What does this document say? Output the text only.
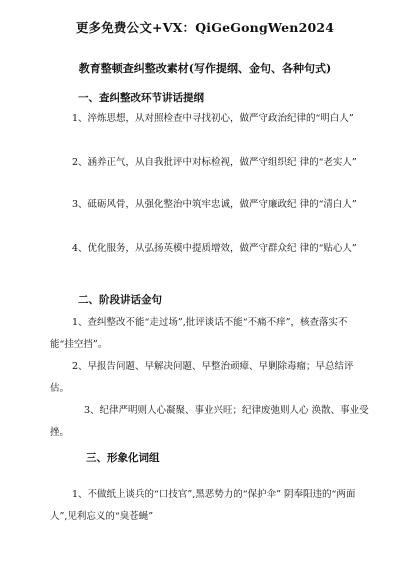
更多免费公文+VX：QiGeGongWen2024
教育整顿查纠整改素材(写作提纲、金句、各种句式)
一、查纠整改环节讲话提纲
1、淬炼思想，从对照检查中寻找初心，做严守政治纪律的“明白人”
2、涵养正气，从自我批评中对标检视，做严守组织纪 律的“老实人”
3、砥砺风骨，从强化整治中筑牢忠诚，做严守廉政纪 律的“清白人”
4、优化服务，从弘扬英模中提质增效，做严守群众纪 律的“贴心人”
二、阶段讲话金句
1、查纠整改不能“走过场”,批评谈话不能“不痛不痒”，核查落实不能“挂空挡”。
2、早报告问题、早解决问题、早整治顽瘴、早剿除毒瘤；早总结评估。
3、纪律严明则人心凝聚、事业兴旺；纪律废弛则人心 涣散、事业受挫。
三、形象化词组
1、不做纸上谈兵的“口技官”,黑恶势力的“保护伞” 阴奉阳违的“两面人”,见利忘义的“臭苍蝇”
